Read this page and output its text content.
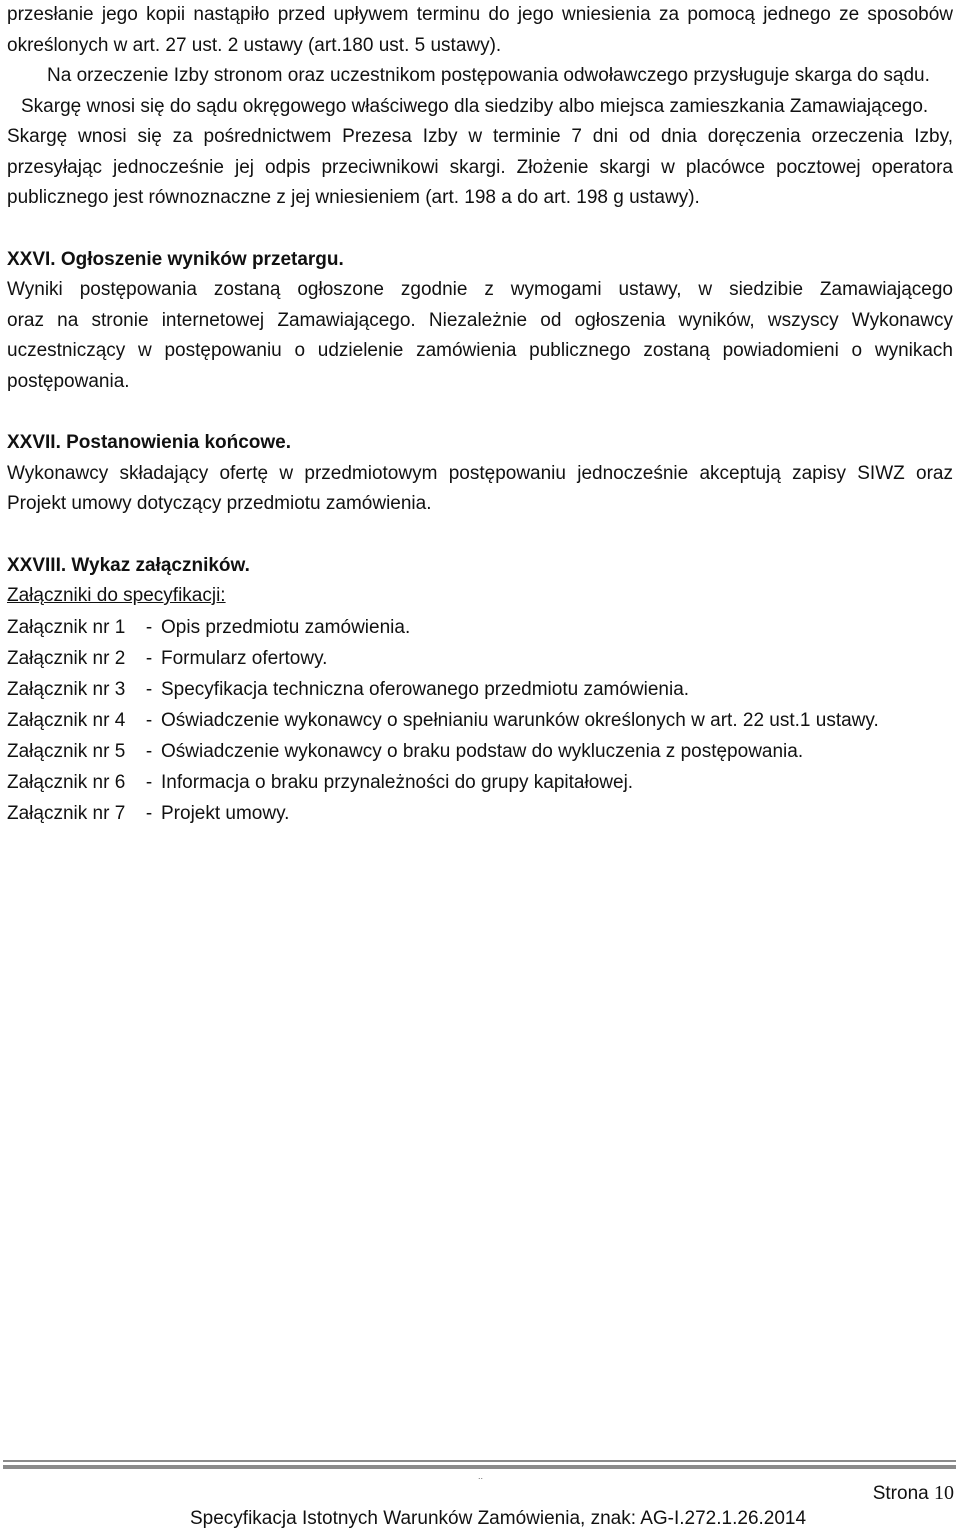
przesłanie jego kopii nastąpiło przed upływem terminu do jego wniesienia za pomocą jednego ze sposobów
określonych w art. 27 ust. 2 ustawy (art.180 ust. 5 ustawy).
Na orzeczenie Izby stronom oraz uczestnikom postępowania odwoławczego przysługuje skarga do sądu.
Skargę wnosi się do sądu okręgowego właściwego dla siedziby albo miejsca zamieszkania Zamawiającego.
Skargę wnosi się za pośrednictwem Prezesa Izby w terminie 7 dni od dnia doręczenia orzeczenia Izby,
przesyłając jednocześnie jej odpis przeciwnikowi skargi. Złożenie skargi w placówce pocztowej operatora
publicznego jest równoznaczne z jej wniesieniem (art. 198 a do art. 198 g ustawy).
XXVI. Ogłoszenie wyników przetargu.
Wyniki postępowania zostaną ogłoszone zgodnie z wymogami ustawy, w siedzibie Zamawiającego
oraz na stronie internetowej Zamawiającego. Niezależnie od ogłoszenia wyników, wszyscy Wykonawcy
uczestniczący w postępowaniu o udzielenie zamówienia publicznego zostaną powiadomieni o wynikach
postępowania.
XXVII. Postanowienia końcowe.
Wykonawcy składający ofertę w przedmiotowym postępowaniu jednocześnie akceptują zapisy SIWZ oraz
Projekt umowy dotyczący przedmiotu zamówienia.
XXVIII. Wykaz załączników.
Załączniki do specyfikacji:
Załącznik nr 1	- Opis przedmiotu zamówienia.
Załącznik nr 2	- Formularz ofertowy.
Załącznik nr 3	- Specyfikacja techniczna oferowanego przedmiotu zamówienia.
Załącznik nr 4	- Oświadczenie wykonawcy o spełnianiu warunków określonych w art. 22 ust.1 ustawy.
Załącznik nr 5	- Oświadczenie wykonawcy o braku podstaw do wykluczenia z postępowania.
Załącznik nr 6	- Informacja o braku przynależności do grupy kapitałowej.
Załącznik nr 7	- Projekt umowy.
..
Strona 10
Specyfikacja Istotnych Warunków Zamówienia, znak: AG-I.272.1.26.2014
